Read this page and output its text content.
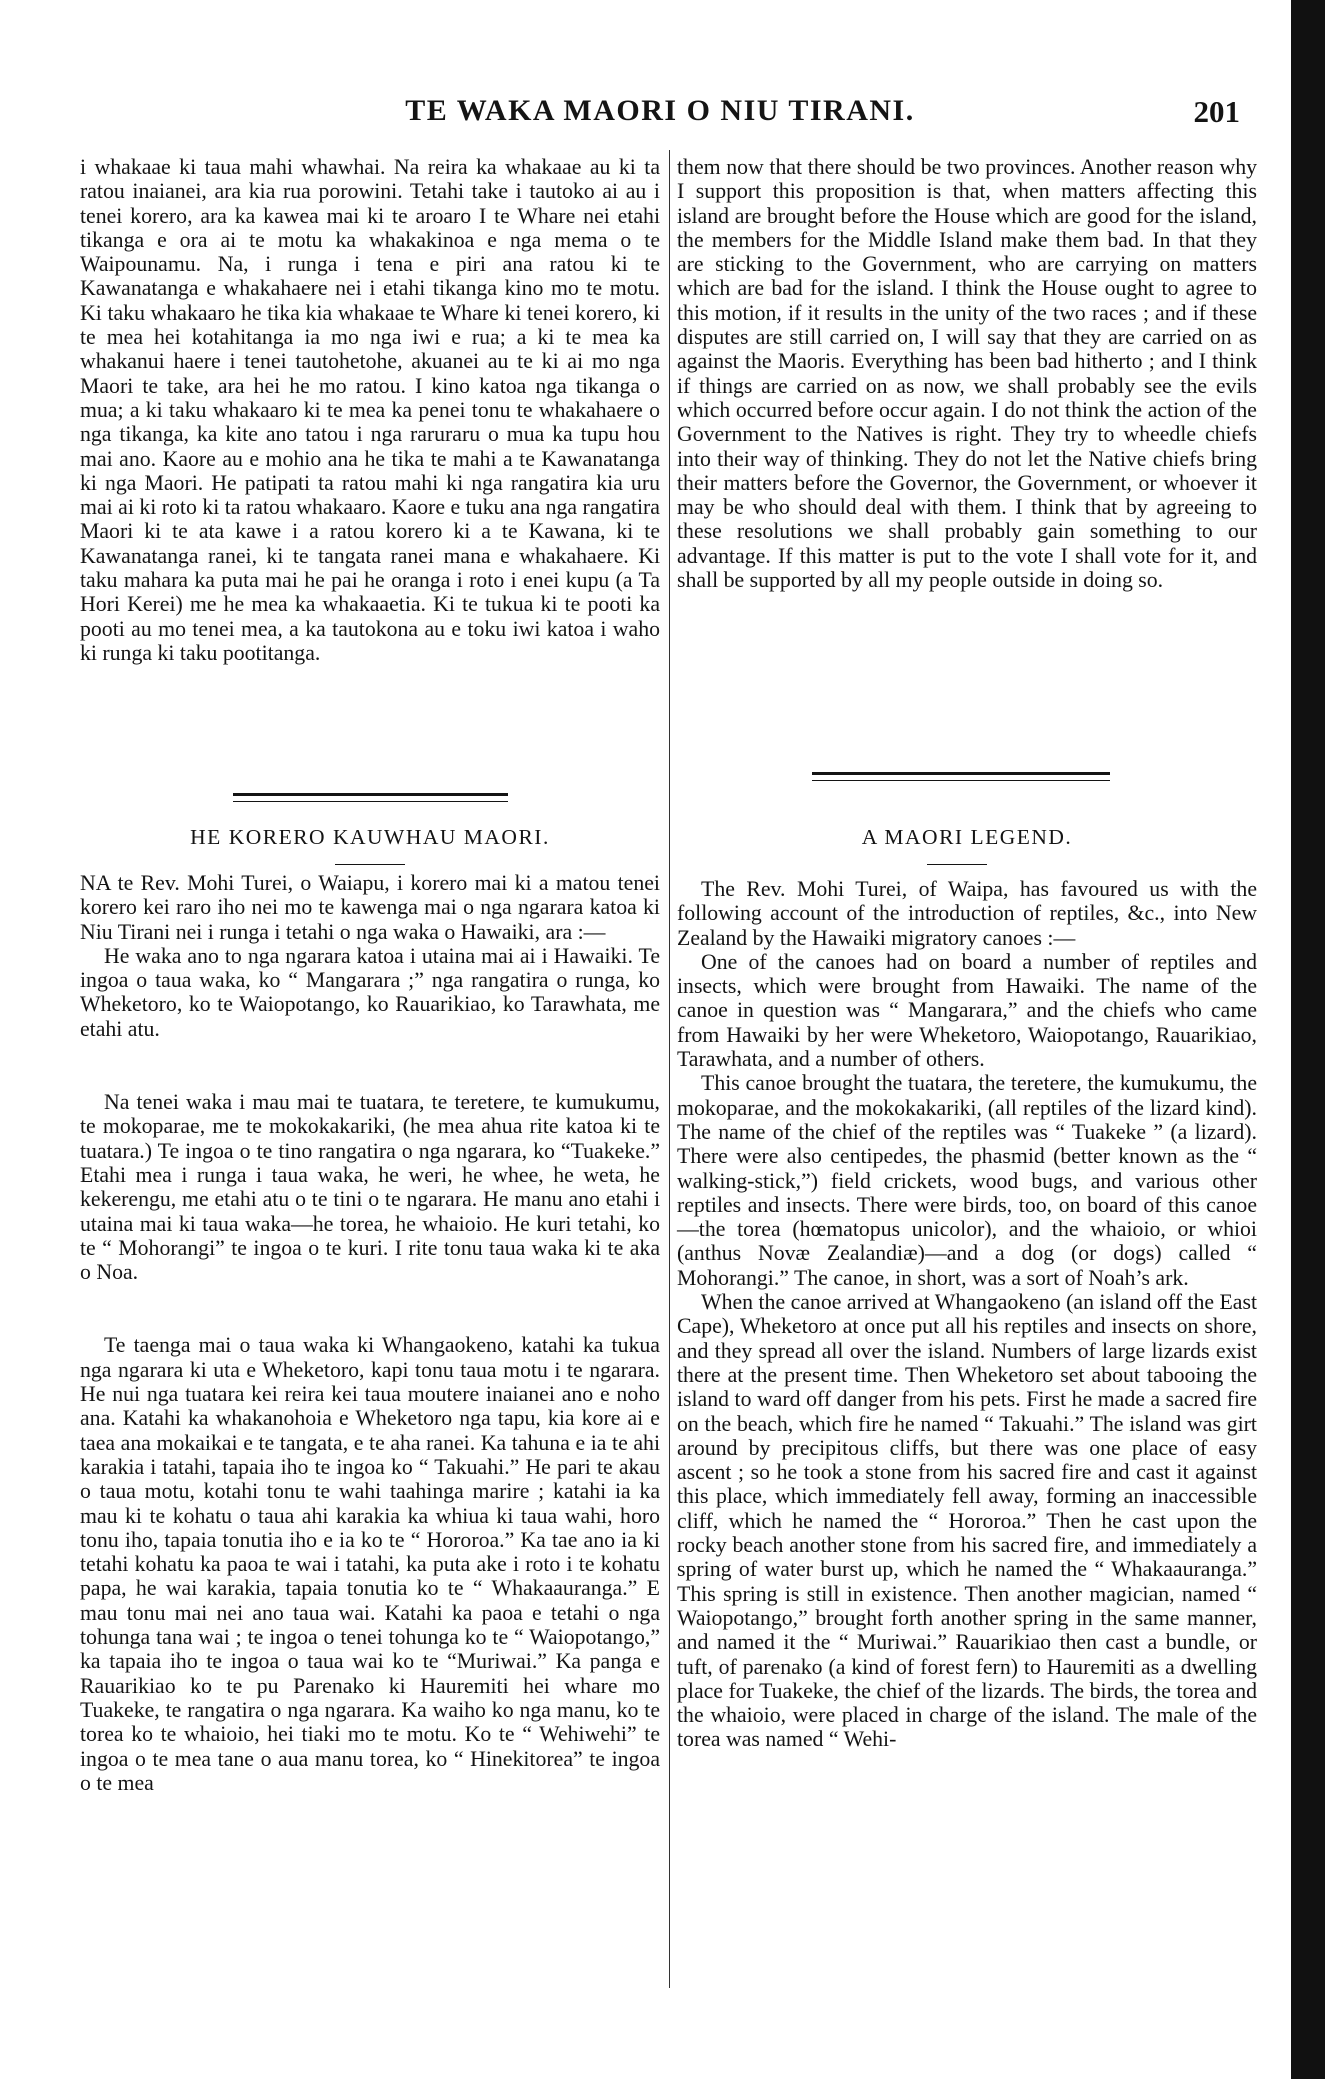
TE WAKA MAORI O NIU TIRANI.	201

i whakaae ki taua mahi whawhai. Na reira ka whakaae au ki ta ratou inaianei, ara kia rua porowini. Tetahi take i tautoko ai au i tenei korero, ara ka kawea mai ki te aroaro I te Whare nei etahi tikanga e ora ai te motu ka whakakinoa e nga mema o te Waipounamu. Na, i runga i tena e piri ana ratou ki te Kawanatanga e whakahaere nei i etahi tikanga kino mo te motu. Ki taku whakaaro he tika kia whakaae te Whare ki tenei korero, ki te mea hei kotahitanga ia mo nga iwi e rua; a ki te mea ka whakanui haere i tenei tautohetohe, akuanei au te ki ai mo nga Maori te take, ara hei he mo ratou. I kino katoa nga tikanga o mua; a ki taku whakaaro ki te mea ka penei tonu te whakahaere o nga tikanga, ka kite ano tatou i nga raruraru o mua ka tupu hou mai ano. Kaore au e mohio ana he tika te mahi a te Kawanatanga ki nga Maori. He patipati ta ratou mahi ki nga rangatira kia uru mai ai ki roto ki ta ratou whakaaro. Kaore e tuku ana nga rangatira Maori ki te ata kawe i a ratou korero ki a te Kawana, ki te Kawanatanga ranei, ki te tangata ranei mana e whakahaere. Ki taku mahara ka puta mai he pai he oranga i roto i enei kupu (a Ta Hori Kerei) me he mea ka whakaaetia. Ki te tukua ki te pooti ka pooti au mo tenei mea, a ka tautokona au e toku iwi katoa i waho ki runga ki taku pootitanga.

HE KORERO KAUWHAU MAORI.

NA te Rev. Mohi Turei, o Waiapu, i korero mai ki a matou tenei korero kei raro iho nei mo te kawenga mai o nga ngarara katoa ki Niu Tirani nei i runga i tetahi o nga waka o Hawaiki, ara :—

He waka ano to nga ngarara katoa i utaina mai ai i Hawaiki. Te ingoa o taua waka, ko “ Mangarara ;” nga rangatira o runga, ko Wheketoro, ko te Waiopotango, ko Rauarikiao, ko Tarawhata, me etahi atu.

Na tenei waka i mau mai te tuatara, te teretere, te kumukumu, te mokoparae, me te mokokakariki, (he mea ahua rite katoa ki te tuatara.) Te ingoa o te tino rangatira o nga ngarara, ko “Tuakeke.” Etahi mea i runga i taua waka, he weri, he whee, he weta, he kekerengu, me etahi atu o te tini o te ngarara. He manu ano etahi i utaina mai ki taua waka—he torea, he whaioio. He kuri tetahi, ko te “ Mohorangi” te ingoa o te kuri. I rite tonu taua waka ki te aka o Noa.

Te taenga mai o taua waka ki Whangaokeno, katahi ka tukua nga ngarara ki uta e Wheketoro, kapi tonu taua motu i te ngarara. He nui nga tuatara kei reira kei taua moutere inaianei ano e noho ana. Katahi ka whakanohoia e Wheketoro nga tapu, kia kore ai e taea ana mokaikai e te tangata, e te aha ranei. Ka tahuna e ia te ahi karakia i tatahi, tapaia iho te ingoa ko “ Takuahi.” He pari te akau o taua motu, kotahi tonu te wahi taahinga marire ; katahi ia ka mau ki te kohatu o taua ahi karakia ka whiua ki taua wahi, horo tonu iho, tapaia tonutia iho e ia ko te “ Hororoa.” Ka tae ano ia ki tetahi kohatu ka paoa te wai i tatahi, ka puta ake i roto i te kohatu papa, he wai karakia, tapaia tonutia ko te “ Whakaauranga.” E mau tonu mai nei ano taua wai. Katahi ka paoa e tetahi o nga tohunga tana wai ; te ingoa o tenei tohunga ko te “ Waiopotango,” ka tapaia iho te ingoa o taua wai ko te “Muriwai.” Ka panga e Rauarikiao ko te pu Parenako ki Hauremiti hei whare mo Tuakeke, te rangatira o nga ngarara. Ka waiho ko nga manu, ko te torea ko te whaioio, hei tiaki mo te motu. Ko te “ Wehiwehi” te ingoa o te mea tane o aua manu torea, ko “ Hinekitorea” te ingoa o te mea

them now that there should be two provinces. Another reason why I support this proposition is that, when matters affecting this island are brought before the House which are good for the island, the members for the Middle Island make them bad. In that they are sticking to the Government, who are carrying on matters which are bad for the island. I think the House ought to agree to this motion, if it results in the unity of the two races ; and if these disputes are still carried on, I will say that they are carried on as against the Maoris. Everything has been bad hitherto ; and I think if things are carried on as now, we shall probably see the evils which occurred before occur again. I do not think the action of the Government to the Natives is right. They try to wheedle chiefs into their way of thinking. They do not let the Native chiefs bring their matters before the Governor, the Government, or whoever it may be who should deal with them. I think that by agreeing to these resolutions we shall probably gain something to our advantage. If this matter is put to the vote I shall vote for it, and shall be supported by all my people outside in doing so.

A MAORI LEGEND.

The Rev. Mohi Turei, of Waipa, has favoured us with the following account of the introduction of reptiles, &c., into New Zealand by the Hawaiki migratory canoes :—

One of the canoes had on board a number of reptiles and insects, which were brought from Hawaiki. The name of the canoe in question was “ Mangarara,” and the chiefs who came from Hawaiki by her were Wheketoro, Waiopotango, Rauarikiao, Tarawhata, and a number of others.

This canoe brought the tuatara, the teretere, the kumukumu, the mokoparae, and the mokokakariki, (all reptiles of the lizard kind). The name of the chief of the reptiles was “ Tuakeke ” (a lizard). There were also centipedes, the phasmid (better known as the “ walking-stick,”) field crickets, wood bugs, and various other reptiles and insects. There were birds, too, on board of this canoe—the torea (hœmatopus unicolor), and the whaioio, or whioi (anthus Novæ Zealandiæ)—and a dog (or dogs) called “ Mohorangi.” The canoe, in short, was a sort of Noah’s ark.

When the canoe arrived at Whangaokeno (an island off the East Cape), Wheketoro at once put all his reptiles and insects on shore, and they spread all over the island. Numbers of large lizards exist there at the present time. Then Wheketoro set about tabooing the island to ward off danger from his pets. First he made a sacred fire on the beach, which fire he named “ Takuahi.” The island was girt around by precipitous cliffs, but there was one place of easy ascent ; so he took a stone from his sacred fire and cast it against this place, which immediately fell away, forming an inaccessible cliff, which he named the “ Hororoa.” Then he cast upon the rocky beach another stone from his sacred fire, and immediately a spring of water burst up, which he named the “ Whakaauranga.” This spring is still in existence. Then another magician, named “ Waiopotango,” brought forth another spring in the same manner, and named it the “ Muriwai.” Rauarikiao then cast a bundle, or tuft, of parenako (a kind of forest fern) to Hauremiti as a dwelling place for Tuakeke, the chief of the lizards. The birds, the torea and the whaioio, were placed in charge of the island. The male of the torea was named “ Wehi-
